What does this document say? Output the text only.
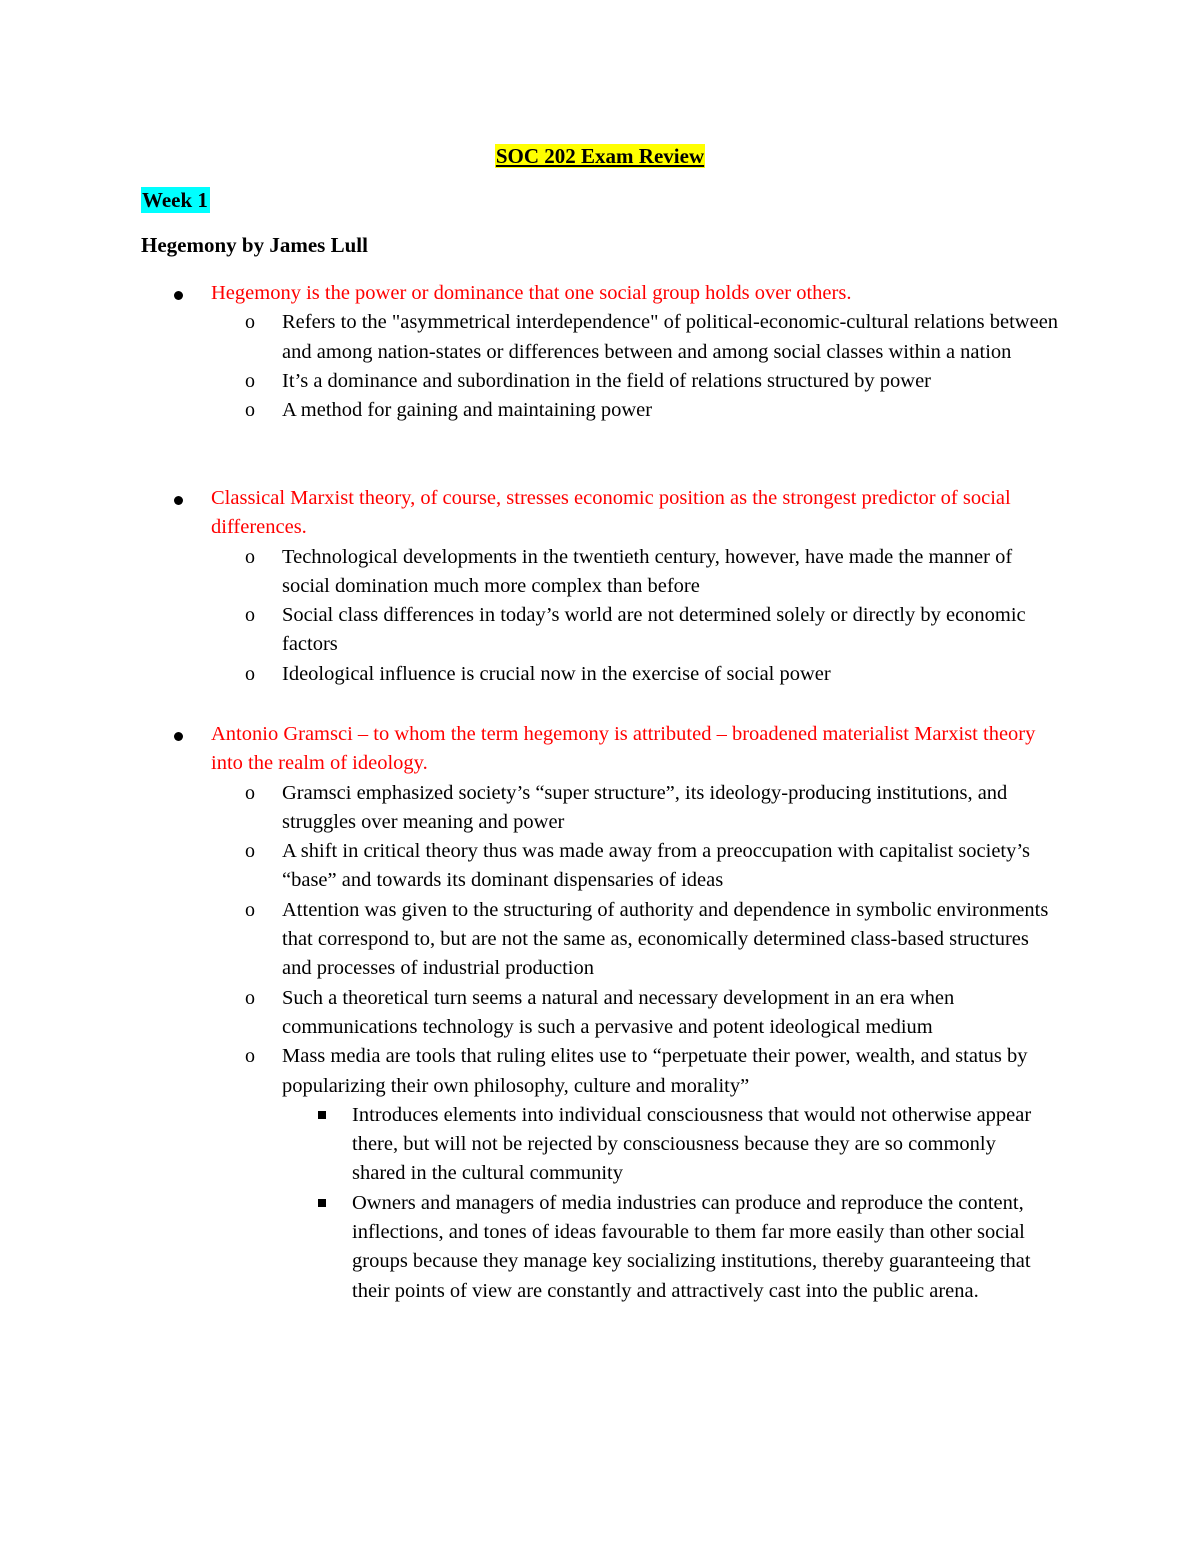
SOC 202 Exam Review
Week 1
Hegemony by James Lull
Hegemony is the power or dominance that one social group holds over others.
o Refers to the "asymmetrical interdependence" of political-economic-cultural relations between and among nation-states or differences between and among social classes within a nation
o It’s a dominance and subordination in the field of relations structured by power
o A method for gaining and maintaining power
Classical Marxist theory, of course, stresses economic position as the strongest predictor of social differences.
o Technological developments in the twentieth century, however, have made the manner of social domination much more complex than before
o Social class differences in today’s world are not determined solely or directly by economic factors
o Ideological influence is crucial now in the exercise of social power
Antonio Gramsci – to whom the term hegemony is attributed – broadened materialist Marxist theory into the realm of ideology.
o Gramsci emphasized society’s “super structure”, its ideology-producing institutions, and struggles over meaning and power
o A shift in critical theory thus was made away from a preoccupation with capitalist society’s “base” and towards its dominant dispensaries of ideas
o Attention was given to the structuring of authority and dependence in symbolic environments that correspond to, but are not the same as, economically determined class-based structures and processes of industrial production
o Such a theoretical turn seems a natural and necessary development in an era when communications technology is such a pervasive and potent ideological medium
o Mass media are tools that ruling elites use to “perpetuate their power, wealth, and status by popularizing their own philosophy, culture and morality”
Introduces elements into individual consciousness that would not otherwise appear there, but will not be rejected by consciousness because they are so commonly shared in the cultural community
Owners and managers of media industries can produce and reproduce the content, inflections, and tones of ideas favourable to them far more easily than other social groups because they manage key socializing institutions, thereby guaranteeing that their points of view are constantly and attractively cast into the public arena.
